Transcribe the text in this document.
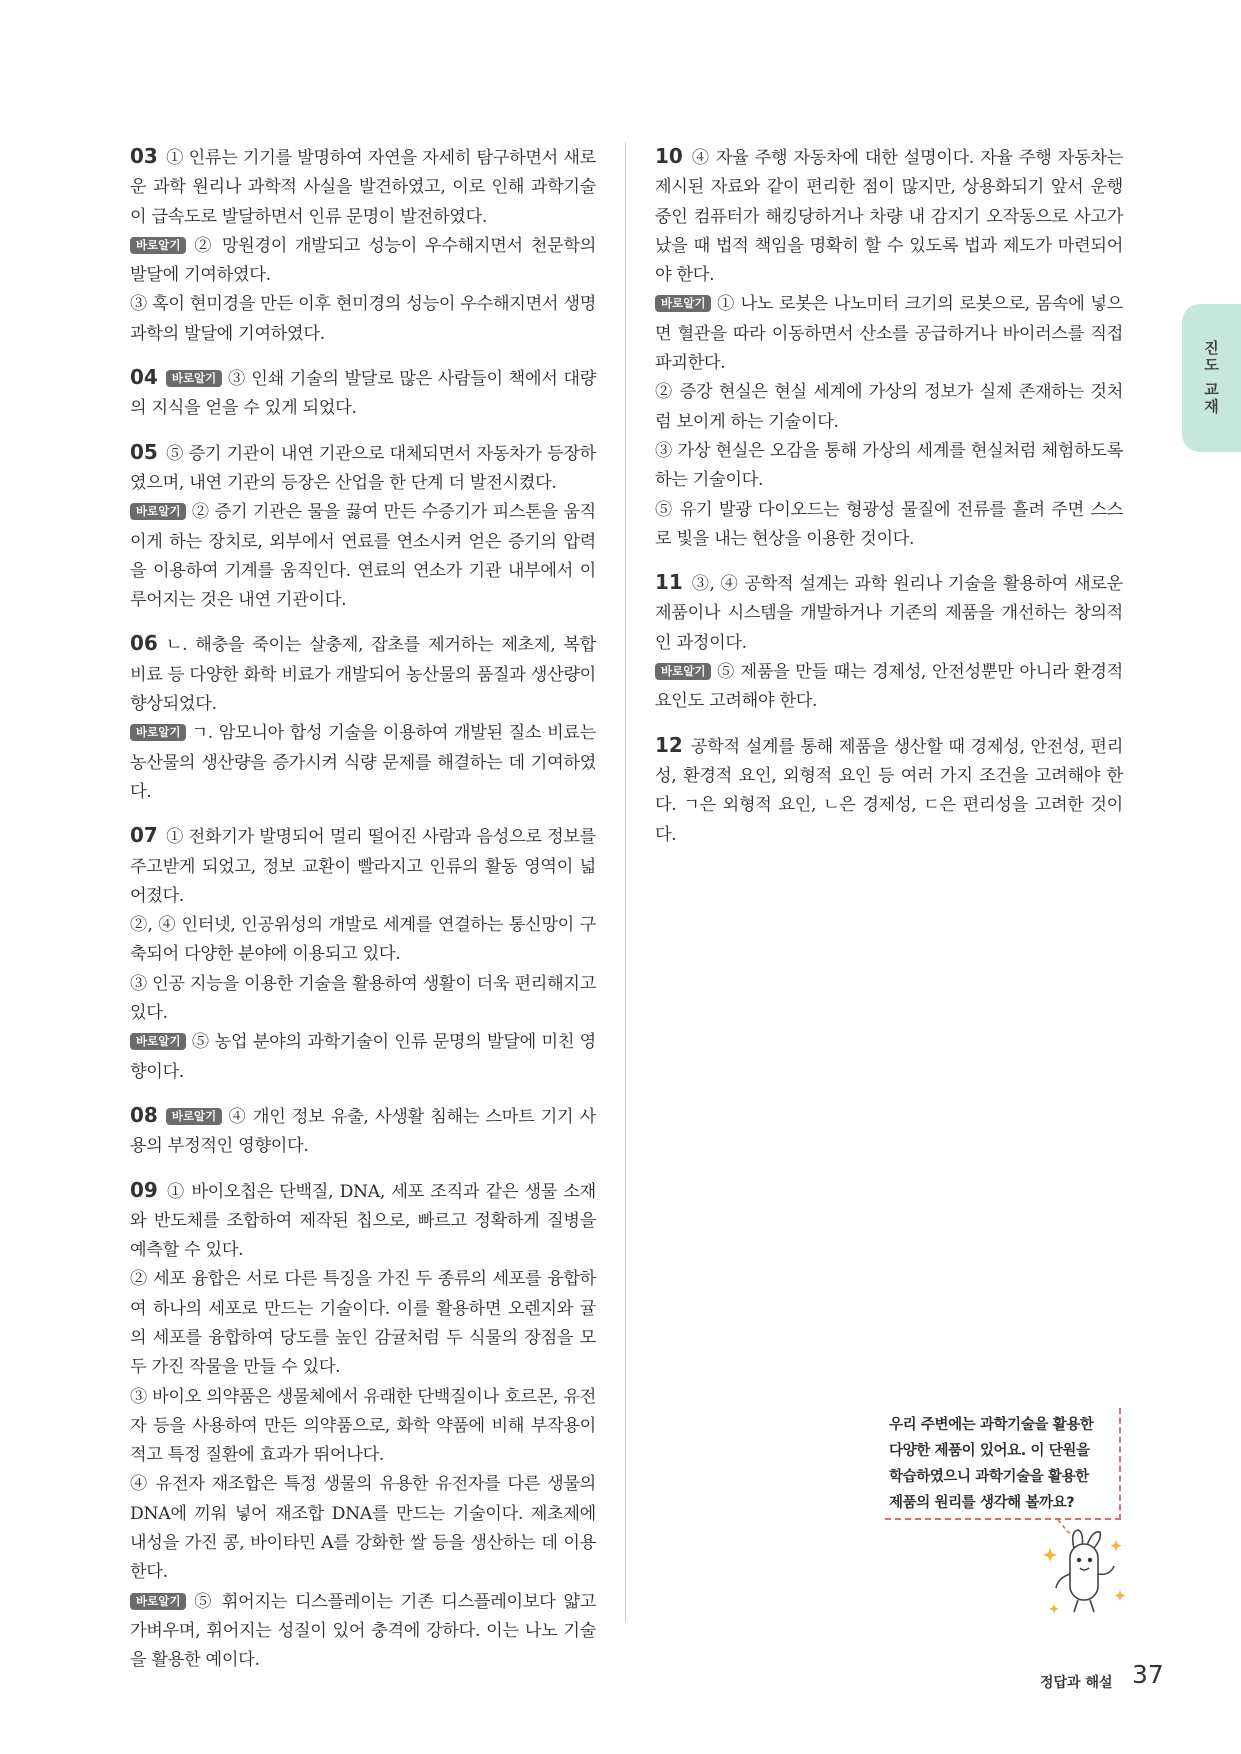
03 ① 인류는 기기를 발명하여 자연을 자세히 탐구하면서 새로운 과학 원리나 과학적 사실을 발견하였고, 이로 인해 과학기술이 급속도로 발달하면서 인류 문명이 발전하였다.

바로알기 ② 망원경이 개발되고 성능이 우수해지면서 천문학의 발달에 기여하였다.

③ 혹이 현미경을 만든 이후 현미경의 성능이 우수해지면서 생명 과학의 발달에 기여하였다.

04 바로알기 ③ 인쇄 기술의 발달로 많은 사람들이 책에서 대량의 지식을 얻을 수 있게 되었다.

05 ⑤ 증기 기관이 내연 기관으로 대체되면서 자동차가 등장하였으며, 내연 기관의 등장은 산업을 한 단계 더 발전시켰다.

바로알기 ② 증기 기관은 물을 끓여 만든 수증기가 피스톤을 움직이게 하는 장치로, 외부에서 연료를 연소시켜 얻은 증기의 압력을 이용하여 기계를 움직인다. 연료의 연소가 기관 내부에서 이루어지는 것은 내연 기관이다.

06 ㄴ. 해충을 죽이는 살충제, 잡초를 제거하는 제초제, 복합 비료 등 다양한 화학 비료가 개발되어 농산물의 품질과 생산량이 향상되었다.

바로알기 ㄱ. 암모니아 합성 기술을 이용하여 개발된 질소 비료는 농산물의 생산량을 증가시켜 식량 문제를 해결하는 데 기여하였다.

07 ① 전화기가 발명되어 멀리 떨어진 사람과 음성으로 정보를 주고받게 되었고, 정보 교환이 빨라지고 인류의 활동 영역이 넓어졌다.

②, ④ 인터넷, 인공위성의 개발로 세계를 연결하는 통신망이 구축되어 다양한 분야에 이용되고 있다.

③ 인공 지능을 이용한 기술을 활용하여 생활이 더욱 편리해지고 있다.

바로알기 ⑤ 농업 분야의 과학기술이 인류 문명의 발달에 미친 영향이다.

08 바로알기 ④ 개인 정보 유출, 사생활 침해는 스마트 기기 사용의 부정적인 영향이다.

09 ① 바이오칩은 단백질, DNA, 세포 조직과 같은 생물 소재와 반도체를 조합하여 제작된 칩으로, 빠르고 정확하게 질병을 예측할 수 있다.

② 세포 융합은 서로 다른 특징을 가진 두 종류의 세포를 융합하여 하나의 세포로 만드는 기술이다. 이를 활용하면 오렌지와 귤의 세포를 융합하여 당도를 높인 감귤처럼 두 식물의 장점을 모두 가진 작물을 만들 수 있다.

③ 바이오 의약품은 생물체에서 유래한 단백질이나 호르몬, 유전자 등을 사용하여 만든 의약품으로, 화학 약품에 비해 부작용이 적고 특정 질환에 효과가 뛰어나다.

④ 유전자 재조합은 특정 생물의 유용한 유전자를 다른 생물의 DNA에 끼워 넣어 재조합 DNA를 만드는 기술이다. 제초제에 내성을 가진 콩, 바이타민 A를 강화한 쌀 등을 생산하는 데 이용한다.

바로알기 ⑤ 휘어지는 디스플레이는 기존 디스플레이보다 얇고 가벼우며, 휘어지는 성질이 있어 충격에 강하다. 이는 나노 기술을 활용한 예이다.

10 ④ 자율 주행 자동차에 대한 설명이다. 자율 주행 자동차는 제시된 자료와 같이 편리한 점이 많지만, 상용화되기 앞서 운행 중인 컴퓨터가 해킹당하거나 차량 내 감지기 오작동으로 사고가 났을 때 법적 책임을 명확히 할 수 있도록 법과 제도가 마련되어야 한다.

바로알기 ① 나노 로봇은 나노미터 크기의 로봇으로, 몸속에 넣으면 혈관을 따라 이동하면서 산소를 공급하거나 바이러스를 직접 파괴한다.

② 증강 현실은 현실 세계에 가상의 정보가 실제 존재하는 것처럼 보이게 하는 기술이다.

③ 가상 현실은 오감을 통해 가상의 세계를 현실처럼 체험하도록 하는 기술이다.

⑤ 유기 발광 다이오드는 형광성 물질에 전류를 흘려 주면 스스로 빛을 내는 현상을 이용한 것이다.

11 ③, ④ 공학적 설계는 과학 원리나 기술을 활용하여 새로운 제품이나 시스템을 개발하거나 기존의 제품을 개선하는 창의적인 과정이다.

바로알기 ⑤ 제품을 만들 때는 경제성, 안전성뿐만 아니라 환경적 요인도 고려해야 한다.

12 공학적 설계를 통해 제품을 생산할 때 경제성, 안전성, 편리성, 환경적 요인, 외형적 요인 등 여러 가지 조건을 고려해야 한다. ㄱ은 외형적 요인, ㄴ은 경제성, ㄷ은 편리성을 고려한 것이다.

진도 교재
우리 주변에는 과학기술을 활용한
다양한 제품이 있어요. 이 단원을
학습하였으니 과학기술을 활용한
제품의 원리를 생각해 볼까요?
정답과 해설 37
